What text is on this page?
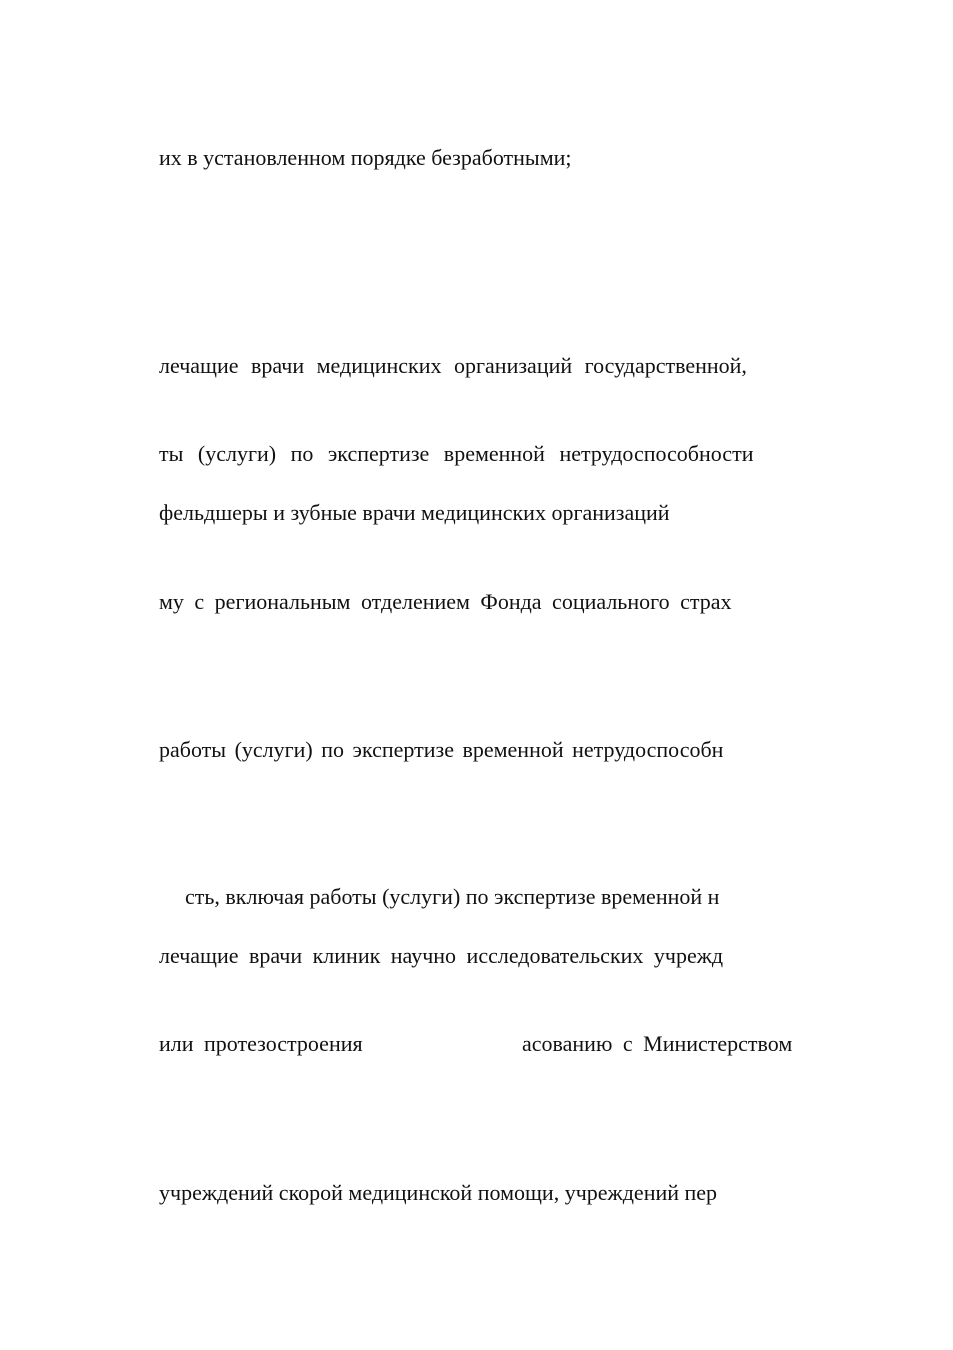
их в установленном порядке безработными;
лечащие врачи медицинских организаций государственной,
ты (услуги) по экспертизе временной нетрудоспособности
фельдшеры и зубные врачи медицинских организаций
му с региональным отделением Фонда социального страх
работы (услуги) по экспертизе временной нетрудоспособн
сть, включая работы (услуги) по экспертизе временной н
лечащие врачи клиник научно исследовательских учрежд
или протезостроения	асованию с Министерством
учреждений скорой медицинской помощи, учреждений пер
